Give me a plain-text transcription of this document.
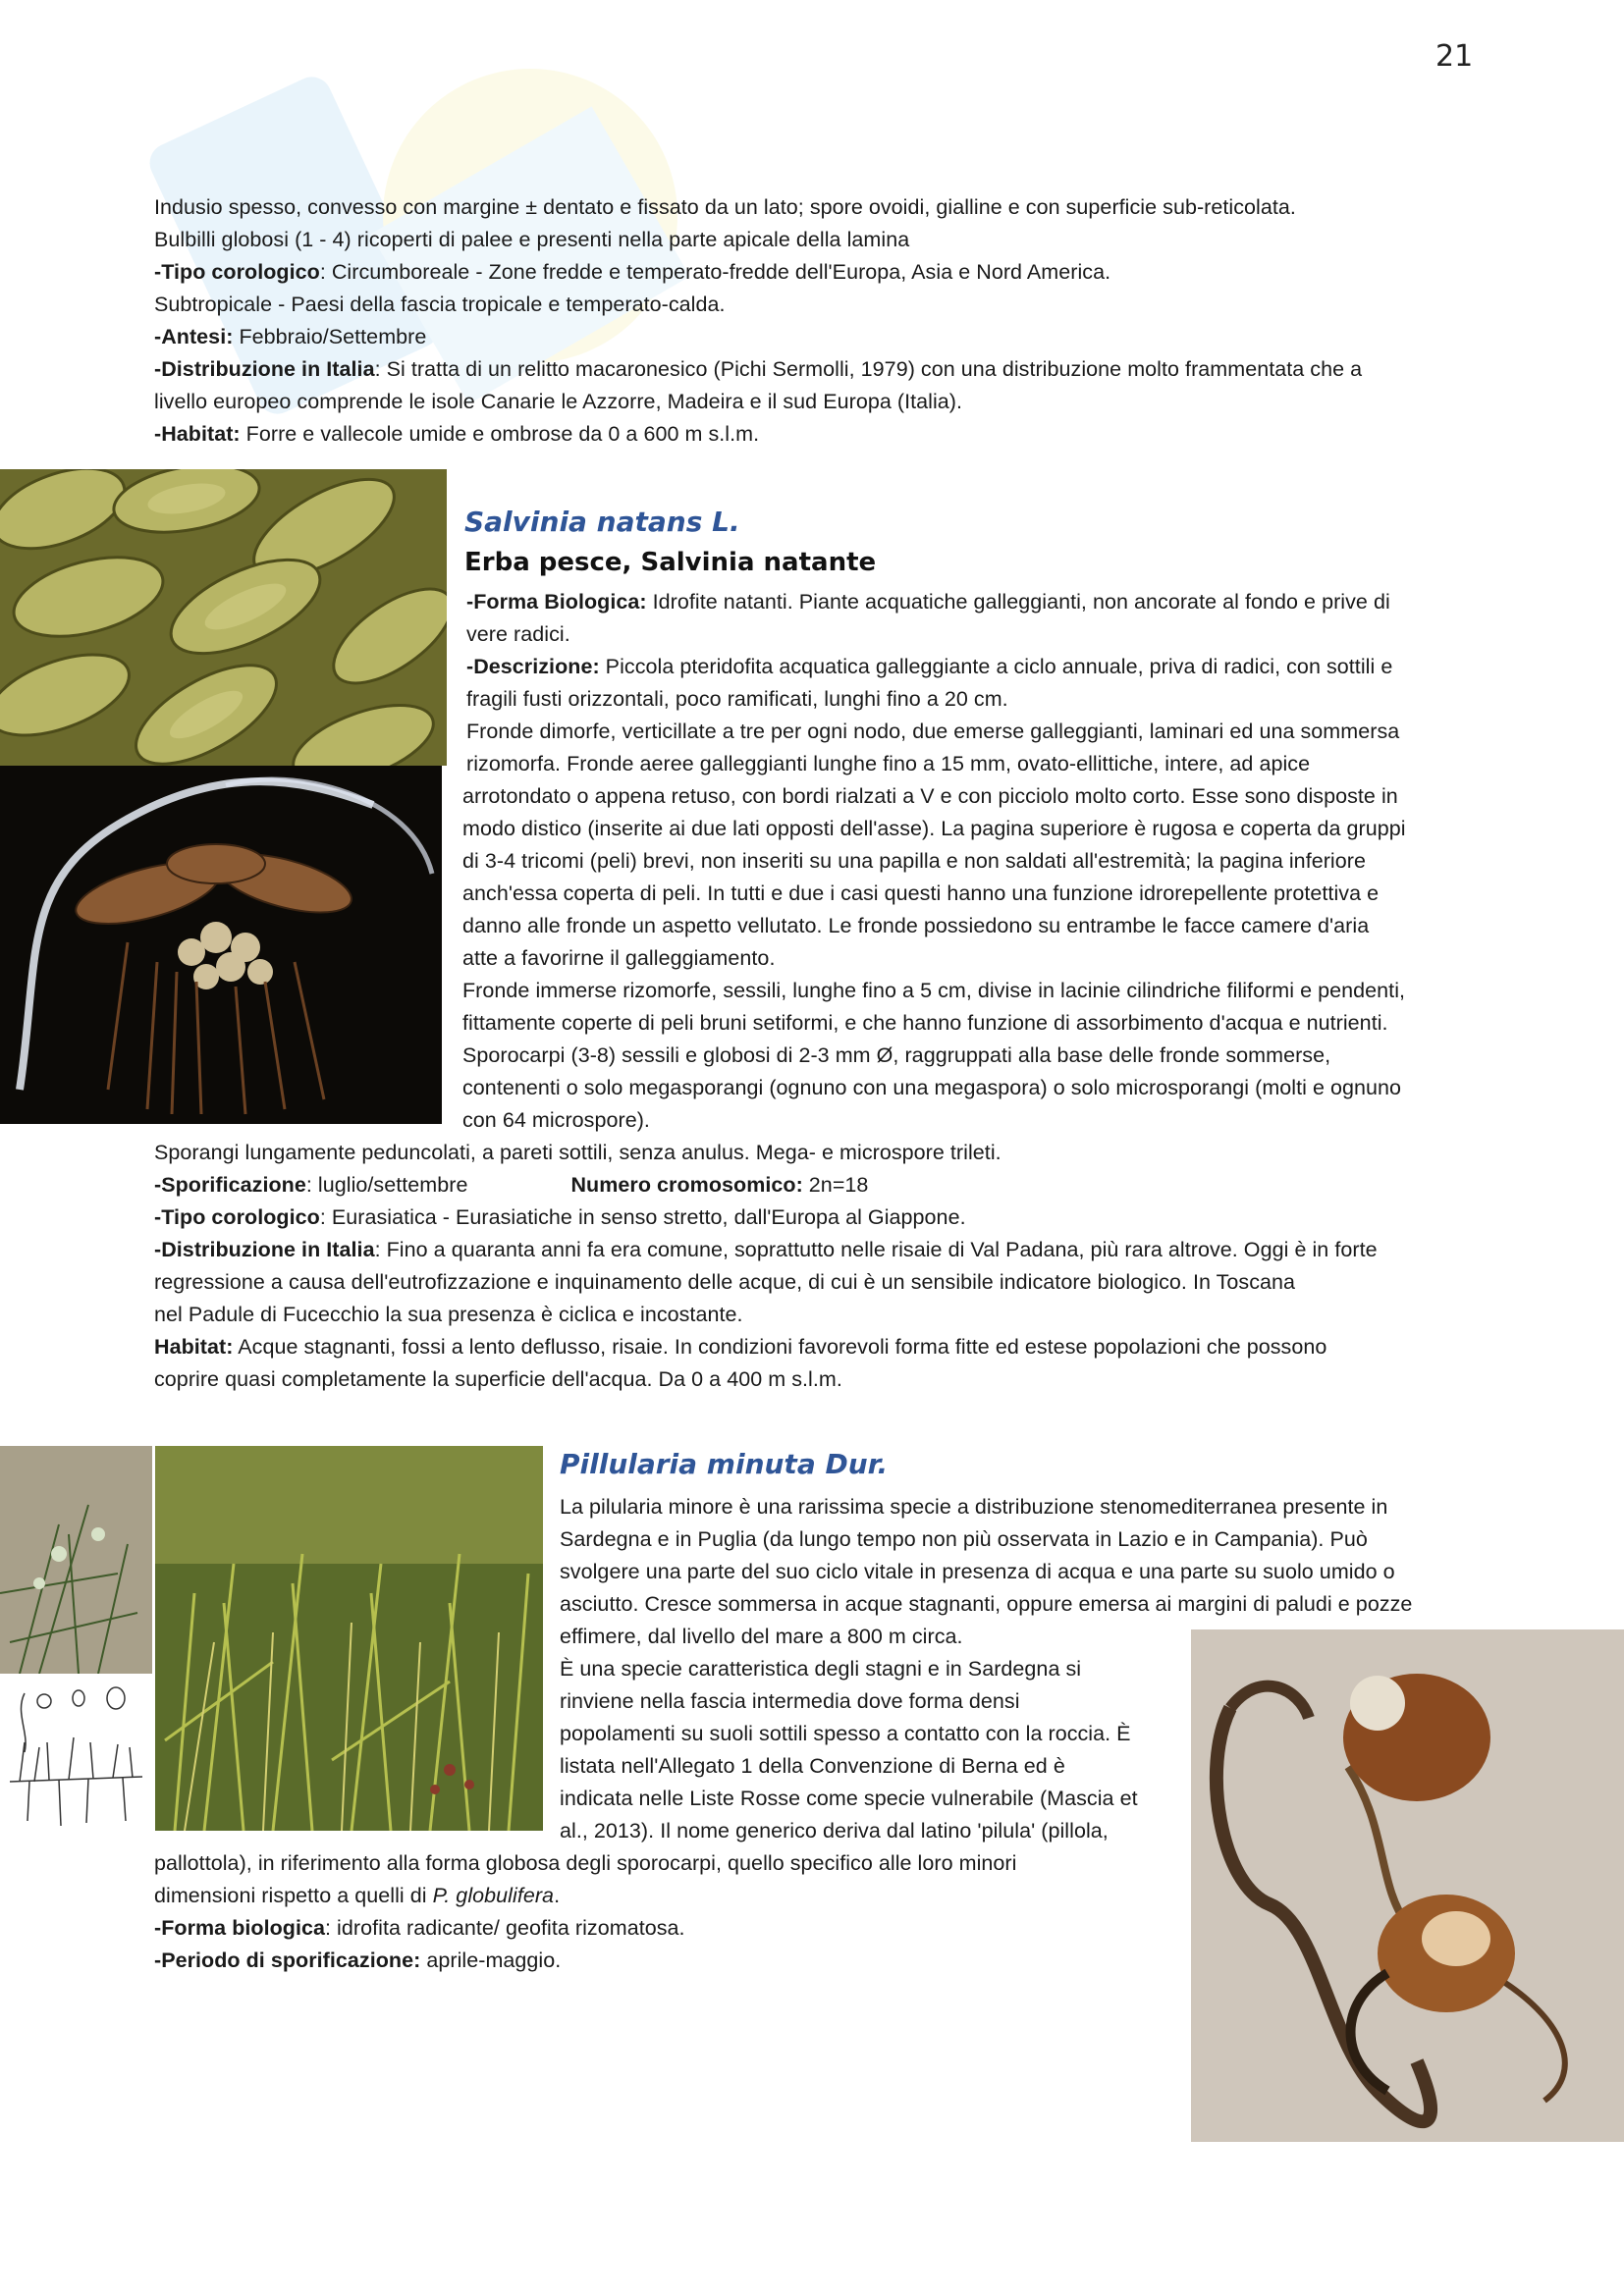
21

Indusio spesso, convesso con margine ± dentato e fissato da un lato; spore ovoidi, gialline e con superficie sub-reticolata.

Bulbilli globosi (1 - 4) ricoperti di palee e presenti nella parte apicale della lamina

-Tipo corologico: Circumboreale - Zone fredde e temperato-fredde dell'Europa, Asia e Nord America.

Subtropicale - Paesi della fascia tropicale e temperato-calda.

-Antesi: Febbraio/Settembre

-Distribuzione in Italia: Si tratta di un relitto macaronesico (Pichi Sermolli, 1979) con una distribuzione molto frammentata che a

livello europeo comprende le isole Canarie le Azzorre, Madeira e il sud Europa (Italia).

-Habitat: Forre e vallecole umide e ombrose da 0 a 600 m s.l.m.

Salvinia natans L.

Erba pesce, Salvinia natante

-Forma Biologica: Idrofite natanti. Piante acquatiche galleggianti, non ancorate al fondo e prive di

vere radici.

-Descrizione: Piccola pteridofita acquatica galleggiante a ciclo annuale, priva di radici, con sottili e

fragili fusti orizzontali, poco ramificati, lunghi fino a 20 cm.

Fronde dimorfe, verticillate a tre per ogni nodo, due emerse galleggianti, laminari ed una sommersa

rizomorfa. Fronde aeree galleggianti lunghe fino a 15 mm, ovato-ellittiche, intere, ad apice

arrotondato o appena retuso, con bordi rialzati a V e con picciolo molto corto. Esse sono disposte in

modo distico (inserite ai due lati opposti dell'asse). La pagina superiore è rugosa e coperta da gruppi

di 3-4 tricomi (peli) brevi, non inseriti su una papilla e non saldati all'estremità; la pagina inferiore

anch'essa coperta di peli. In tutti e due i casi questi hanno una funzione idrorepellente protettiva e

danno alle fronde un aspetto vellutato. Le fronde possiedono su entrambe le facce camere d'aria

atte a favorirne il galleggiamento.

Fronde immerse rizomorfe, sessili, lunghe fino a 5 cm, divise in lacinie cilindriche filiformi e pendenti,

fittamente coperte di peli bruni setiformi, e che hanno funzione di assorbimento d'acqua e nutrienti.

Sporocarpi (3-8) sessili e globosi di 2-3 mm Ø, raggruppati alla base delle fronde sommerse,

contenenti o solo megasporangi (ognuno con una megaspora) o solo microsporangi (molti e ognuno

con 64 microspore).

Sporangi lungamente peduncolati, a pareti sottili, senza anulus. Mega- e microspore trileti.

-Sporificazione: luglio/settembre	Numero cromosomico: 2n=18

-Tipo corologico: Eurasiatica - Eurasiatiche in senso stretto, dall'Europa al Giappone.

-Distribuzione in Italia: Fino a quaranta anni fa era comune, soprattutto nelle risaie di Val Padana, più rara altrove. Oggi è in forte

regressione a causa dell'eutrofizzazione e inquinamento delle acque, di cui è un sensibile indicatore biologico. In Toscana

nel Padule di Fucecchio la sua presenza è ciclica e incostante.

Habitat: Acque stagnanti, fossi a lento deflusso, risaie. In condizioni favorevoli forma fitte ed estese popolazioni che possono

coprire quasi completamente la superficie dell'acqua. Da 0 a 400 m s.l.m.

Pillularia minuta Dur.

La pilularia minore è una rarissima specie a distribuzione stenomediterranea presente in

Sardegna e in Puglia (da lungo tempo non più osservata in Lazio e in Campania). Può

svolgere una parte del suo ciclo vitale in presenza di acqua e una parte su suolo umido o

asciutto. Cresce sommersa in acque stagnanti, oppure emersa ai margini di paludi e pozze

effimere, dal livello del mare a 800 m circa.

È una specie caratteristica degli stagni e in Sardegna si

rinviene nella fascia intermedia dove forma densi

popolamenti su suoli sottili spesso a contatto con la roccia. È

listata nell'Allegato 1 della Convenzione di Berna ed è

indicata nelle Liste Rosse come specie vulnerabile (Mascia et

al., 2013). Il nome generico deriva dal latino 'pilula' (pillola,

pallottola), in riferimento alla forma globosa degli sporocarpi, quello specifico alle loro minori

dimensioni rispetto a quelli di P. globulifera.

-Forma biologica: idrofita radicante/ geofita rizomatosa.

-Periodo di sporificazione: aprile-maggio.
